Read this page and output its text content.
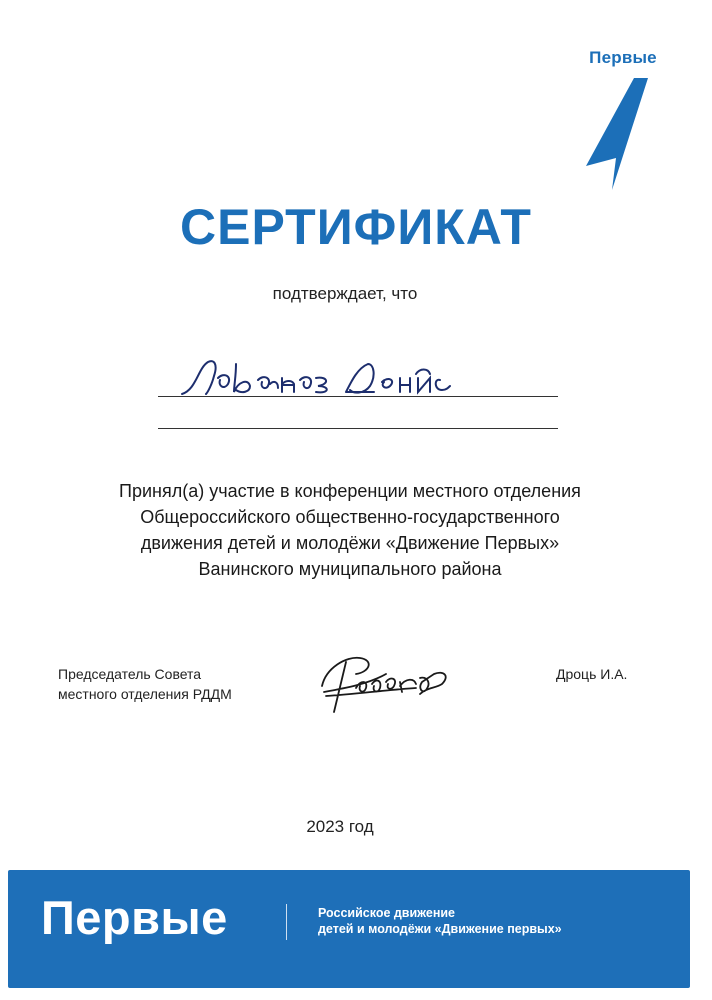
Первые
СЕРТИФИКАТ
подтверждает, что
Принял(а) участие в конференции местного отделения
Общероссийского общественно-государственного
движения детей и молодёжи «Движение Первых»
Ванинского муниципального района
Председатель Совета
местного отделения РДДМ
Дроць И.А.
2023 год
Первые	Российское движение
детей и молодёжи «Движение первых»
